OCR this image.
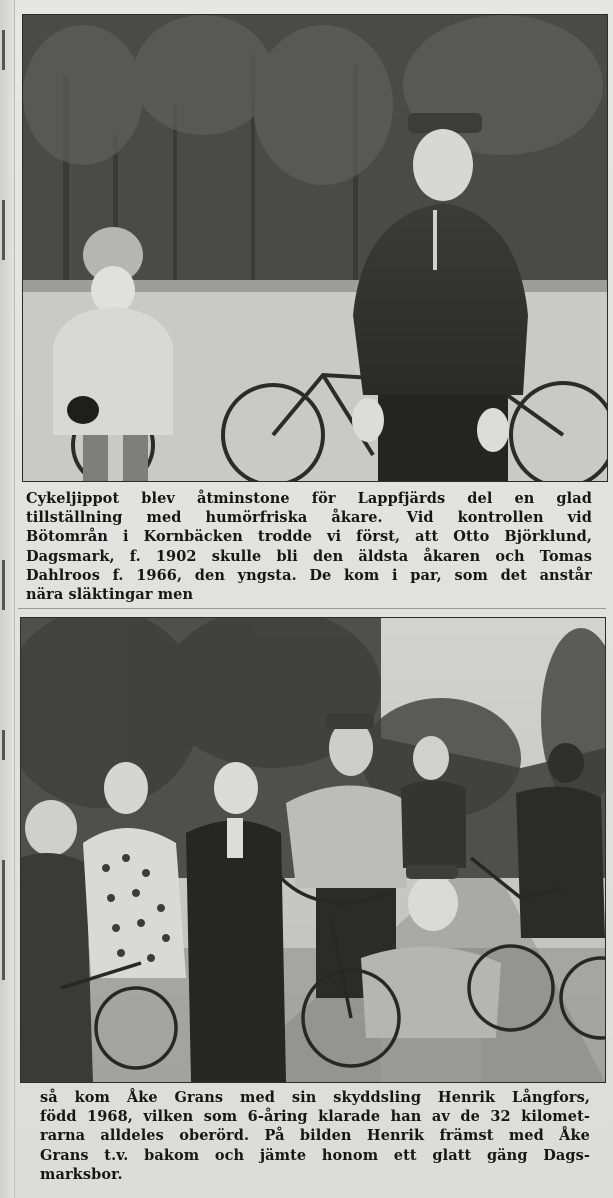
Cykeljippot blev åtminstone för Lappfjärds del en glad
tillställning med humörfriska åkare. Vid kontrollen vid
Bötområn i Kornbäcken trodde vi först, att Otto Björklund,
Dagsmark, f. 1902 skulle bli den äldsta åkaren och Tomas
Dahlroos f. 1966, den yngsta. De kom i par, som det anstår
nära släktingar men
så kom Åke Grans med sin skyddsling Henrik Långfors,
född 1968, vilken som 6-åring klarade han av de 32 kilomet-
rarna alldeles oberörd. På bilden Henrik främst med Åke
Grans t.v. bakom och jämte honom ett glatt gäng Dags-
marksbor.
